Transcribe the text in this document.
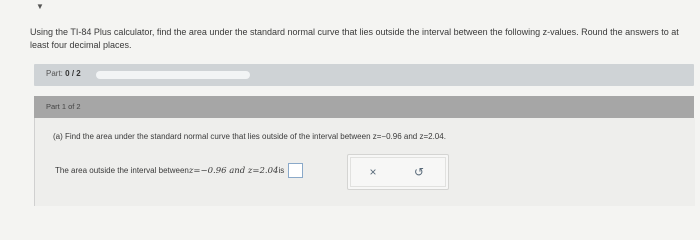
▼
Using the TI-84 Plus calculator, find the area under the standard normal curve that lies outside the interval between the following z-values. Round the answers to at least four decimal places.
Part: 0 / 2
Part 1 of 2
(a) Find the area under the standard normal curve that lies outside of the interval between z=−0.96 and z=2.04.
The area outside the interval between z=−0.96 and z=2.04 is	×	↺
